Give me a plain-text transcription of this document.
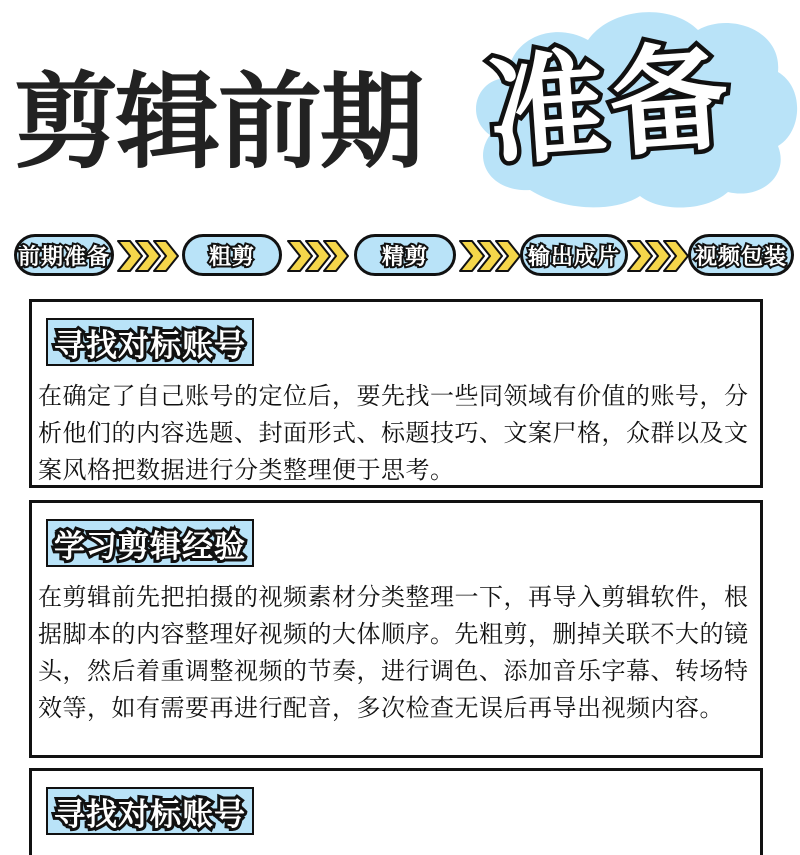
剪辑前期 准备
前期准备	粗剪	精剪	输出成片	视频包装
寻找对标账号
在确定了自己账号的定位后，要先找一些同领域有价值的账号，分析他们的内容选题、封面形式、标题技巧、文案尸格，众群以及文案风格把数据进行分类整理便于思考。
学习剪辑经验
在剪辑前先把拍摄的视频素材分类整理一下，再导入剪辑软件，根据脚本的内容整理好视频的大体顺序。先粗剪，删掉关联不大的镜头，然后着重调整视频的节奏，进行调色、添加音乐字幕、转场特效等，如有需要再进行配音，多次检查无误后再导出视频内容。
寻找对标账号
